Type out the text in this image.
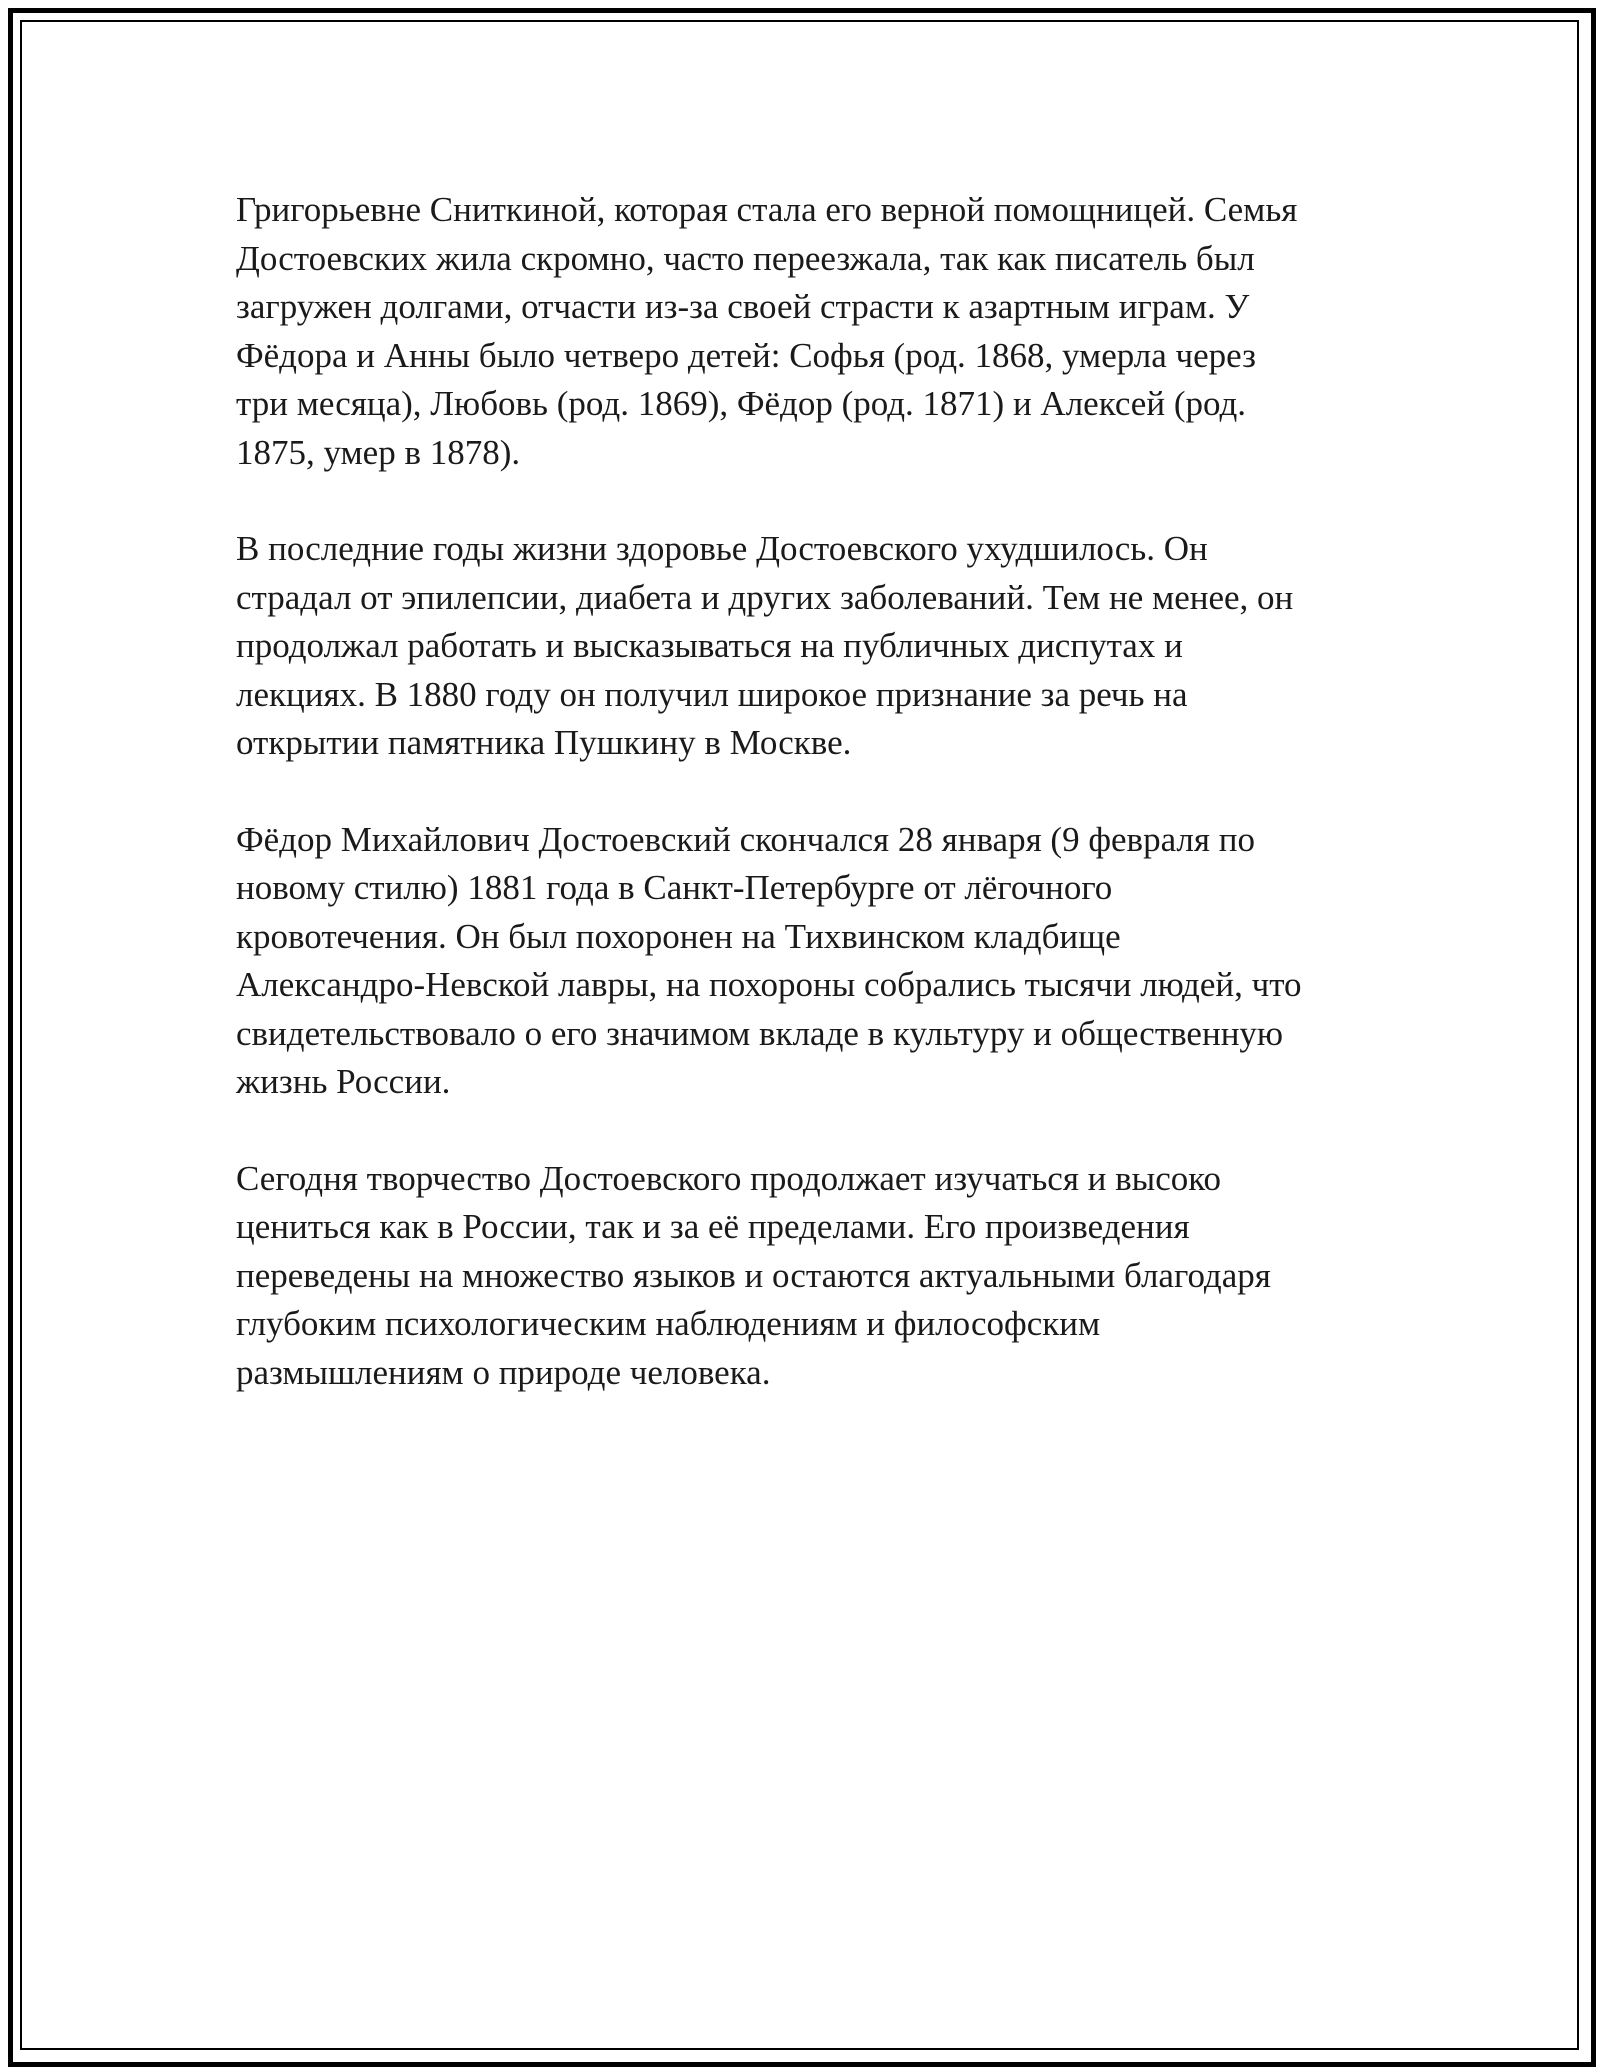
Григорьевне Сниткиной, которая стала его верной помощницей. Семья
Достоевских жила скромно, часто переезжала, так как писатель был
загружен долгами, отчасти из-за своей страсти к азартным играм. У
Фёдора и Анны было четверо детей: Софья (род. 1868, умерла через
три месяца), Любовь (род. 1869), Фёдор (род. 1871) и Алексей (род.
1875, умер в 1878).

В последние годы жизни здоровье Достоевского ухудшилось. Он
страдал от эпилепсии, диабета и других заболеваний. Тем не менее, он
продолжал работать и высказываться на публичных диспутах и
лекциях. В 1880 году он получил широкое признание за речь на
открытии памятника Пушкину в Москве.

Фёдор Михайлович Достоевский скончался 28 января (9 февраля по
новому стилю) 1881 года в Санкт-Петербурге от лёгочного
кровотечения. Он был похоронен на Тихвинском кладбище
Александро-Невской лавры, на похороны собрались тысячи людей, что
свидетельствовало о его значимом вкладе в культуру и общественную
жизнь России.

Сегодня творчество Достоевского продолжает изучаться и высоко
цениться как в России, так и за её пределами. Его произведения
переведены на множество языков и остаются актуальными благодаря
глубоким психологическим наблюдениям и философским
размышлениям о природе человека.
